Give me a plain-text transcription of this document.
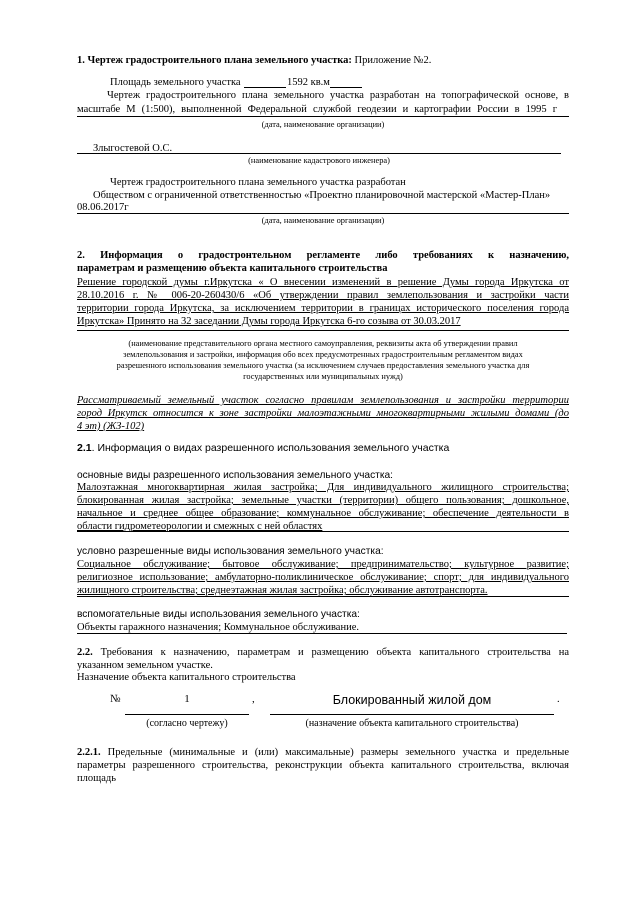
1. Чертеж градостроительного плана земельного участка: Приложение №2.
Площадь земельного участка	1592 кв.м
Чертеж градостроительного плана земельного участка разработан на топографической основе, в
масштабе М (1:500), выполненной Федеральной службой геодезии и картографии России в 1995 г
(дата, наименование организации)
Злыгостевой О.С.
(наименование кадастрового инженера)
Чертеж градостроительного плана земельного участка разработан
Обществом с ограниченной ответственностью «Проектно планировочной мастерской «Мастер-План»
08.06.2017г
(дата, наименование организации)
2. Информация о градостронтельном регламенте либо требованиях к назначению,
параметрам и размещению объекта капитального строительства
Решение городской думы г.Иркутска « О внесении изменений в решение Думы города Иркутска от
28.10.2016 г. № 006-20-260430/6 «Об утверждении правил землепользования и застройки части
территории города Иркутска, за исключением территории в границах исторического поселения города
Иркутска» Принято на 32 заседании Думы города Иркутска 6-го созыва от 30.03.2017
(наименование представительного органа местного самоуправления, реквизиты акта об утверждении правил
землепользования и застройки, информация обо всех предусмотренных градостроительным регламентом видах
разрешенного использования земельного участка (за исключением случаев предоставления земельного участка для
государственных или муниципальных нужд)
Рассматриваемый земельный участок согласно правилам землепользования и застройки территории
город Иркутск относится к зоне застройки малоэтажными многоквартирными жилыми домами (до
4 эт) (ЖЗ-102)
2.1. Информация о видах разрешенного использования земельного участка
основные виды разрешенного использования земельного участка:
Малоэтажная многоквартирная жилая застройка; Для индивидуального жилищного строительства;
блокированная жилая застройка; земельные участки (территории) общего пользования; дошкольное,
начальное и среднее общее образование; коммунальное обслуживание; обеспечение деятельности в
области гидрометеорологии и смежных с ней областях
условно разрешенные виды использования земельного участка:
Социальное обслуживание; бытовое обслуживание; предпринимательство; культурное развитие;
религиозное использование; амбулаторно-поликлиническое обслуживание; спорт; для индивидуального
жилищного строительства; среднеэтажная жилая застройка; обслуживание автотранспорта.
вспомогательные виды использования земельного участка:
Объекты гаражного назначения; Коммунальное обслуживание.
2.2. Требования к назначению, параметрам и размещению объекта капитального строительства на
указанном земельном участке.
Назначение объекта капитального строительства
№	1	,	Блокированный жилой дом	.
(согласно чертежу)	(назначение объекта капитального строительства)
2.2.1. Предельные (минимальные и (или) максимальные) размеры земельного участка и предельные
параметры разрешенного строительства, реконструкции объекта капитального строительства, включая
площадь
